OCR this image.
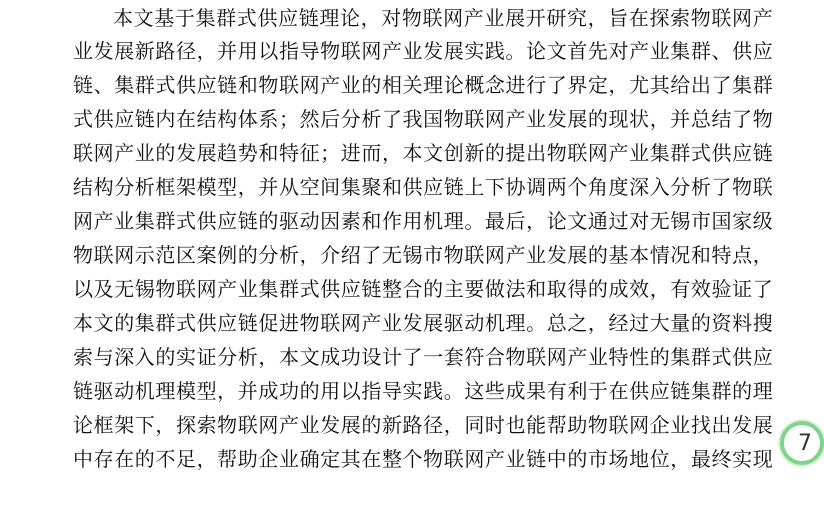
本文基于集群式供应链理论，对物联网产业展开研究，旨在探索物联网产
业发展新路径，并用以指导物联网产业发展实践。论文首先对产业集群、供应
链、集群式供应链和物联网产业的相关理论概念进行了界定，尤其给出了集群
式供应链内在结构体系；然后分析了我国物联网产业发展的现状，并总结了物
联网产业的发展趋势和特征；进而，本文创新的提出物联网产业集群式供应链
结构分析框架模型，并从空间集聚和供应链上下协调两个角度深入分析了物联
网产业集群式供应链的驱动因素和作用机理。最后，论文通过对无锡市国家级
物联网示范区案例的分析，介绍了无锡市物联网产业发展的基本情况和特点，
以及无锡物联网产业集群式供应链整合的主要做法和取得的成效，有效验证了
本文的集群式供应链促进物联网产业发展驱动机理。总之，经过大量的资料搜
索与深入的实证分析，本文成功设计了一套符合物联网产业特性的集群式供应
链驱动机理模型，并成功的用以指导实践。这些成果有利于在供应链集群的理
论框架下，探索物联网产业发展的新路径，同时也能帮助物联网企业找出发展
中存在的不足，帮助企业确定其在整个物联网产业链中的市场地位，最终实现
7
